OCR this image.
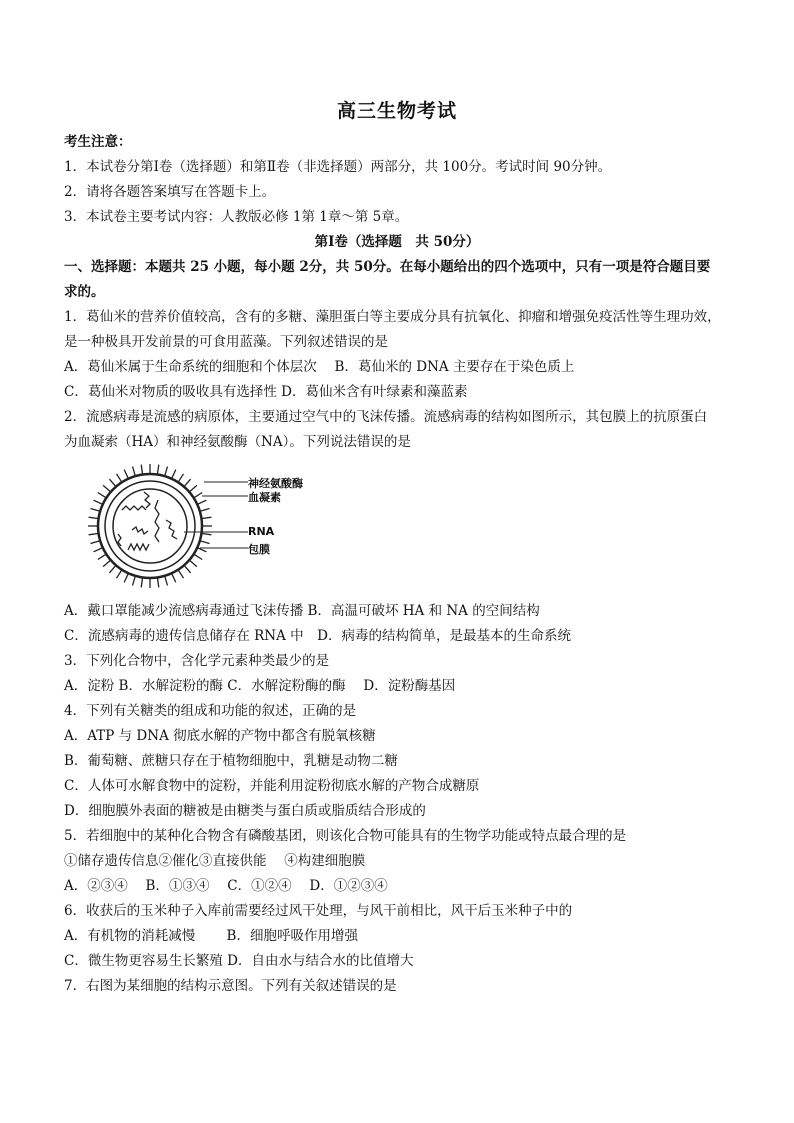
高三生物考试
考生注意：
1．本试卷分第Ⅰ卷（选择题）和第Ⅱ卷（非选择题）两部分，共 100分。考试时间 90分钟。
2．请将各题答案填写在答题卡上。
3．本试卷主要考试内容：人教版必修 1第 1章～第 5章。
第Ⅰ卷（选择题　共 50分）
一、选择题：本题共 25 小题，每小题 2分，共 50分。在每小题给出的四个选项中，只有一项是符合题目要
求的。
1．葛仙米的营养价值较高，含有的多糖、藻胆蛋白等主要成分具有抗氧化、抑瘤和增强免疫活性等生理功效，
是一种极具开发前景的可食用蓝藻。下列叙述错误的是
A．葛仙米属于生命系统的细胞和个体层次　 B．葛仙米的 DNA 主要存在于染色质上
C．葛仙米对物质的吸收具有选择性 D．葛仙米含有叶绿素和藻蓝素
2．流感病毒是流感的病原体，主要通过空气中的飞沫传播。流感病毒的结构如图所示，其包膜上的抗原蛋白
为血凝索（HA）和神经氨酸酶（NA）。下列说法错误的是
神经氨酸酶
血凝素
RNA
包膜
A．戴口罩能减少流感病毒通过飞沫传播 B．高温可破坏 HA 和 NA 的空间结构
C．流感病毒的遗传信息储存在 RNA 中　D．病毒的结构简单，是最基本的生命系统
3．下列化合物中，含化学元素种类最少的是
A．淀粉 B．水解淀粉的酶 C．水解淀粉酶的酶　 D．淀粉酶基因
4．下列有关糖类的组成和功能的叙述，正确的是
A．ATP 与 DNA 彻底水解的产物中都含有脱氧核糖
B．葡萄糖、蔗糖只存在于植物细胞中，乳糖是动物二糖
C．人体可水解食物中的淀粉，并能利用淀粉彻底水解的产物合成糖原
D．细胞膜外表面的糖被是由糖类与蛋白质或脂质结合形成的
5．若细胞中的某种化合物含有磷酸基团，则该化合物可能具有的生物学功能或特点最合理的是
①储存遗传信息②催化③直接供能　 ④构建细胞膜
A．②③④　 B．①③④　 C．①②④　 D．①②③④
6．收获后的玉米种子入库前需要经过风干处理，与风干前相比，风干后玉米种子中的
A．有机物的消耗减慢　　 B．细胞呼吸作用增强
C．微生物更容易生长繁殖 D．自由水与结合水的比值增大
7．右图为某细胞的结构示意图。下列有关叙述错误的是
